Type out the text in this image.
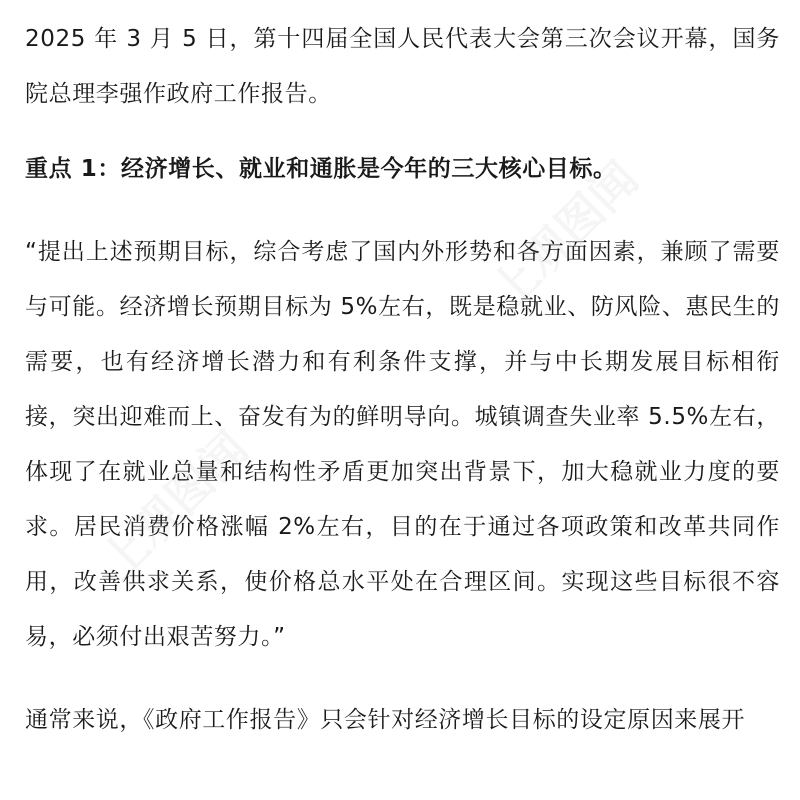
2025 年 3 月 5 日，第十四届全国人民代表大会第三次会议开幕，国务院总理李强作政府工作报告。

重点 1：经济增长、就业和通胀是今年的三大核心目标。

“提出上述预期目标，综合考虑了国内外形势和各方面因素，兼顾了需要与可能。经济增长预期目标为 5%左右，既是稳就业、防风险、惠民生的需要，也有经济增长潜力和有利条件支撑，并与中长期发展目标相衔接，突出迎难而上、奋发有为的鲜明导向。城镇调查失业率 5.5%左右，体现了在就业总量和结构性矛盾更加突出背景下，加大稳就业力度的要求。居民消费价格涨幅 2%左右，目的在于通过各项政策和改革共同作用，改善供求关系，使价格总水平处在合理区间。实现这些目标很不容易，必须付出艰苦努力。”

通常来说，《政府工作报告》只会针对经济增长目标的设定原因来展开

上观图闻
上观图闻
